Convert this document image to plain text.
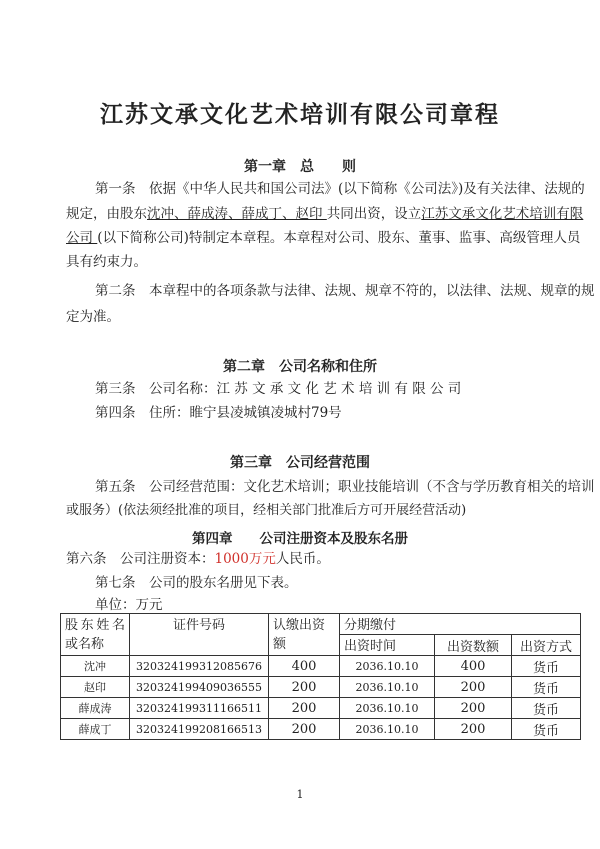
江苏文承文化艺术培训有限公司章程
第一章　总　　则
第一条　依据《中华人民共和国公司法》(以下简称《公司法》)及有关法律、法规的
规定，由股东沈冲、薛成涛、薛成丁、赵印 共同出资，设立江苏文承文化艺术培训有限
公司 (以下简称公司)特制定本章程。本章程对公司、股东、董事、监事、高级管理人员
具有约束力。
第二条　本章程中的各项条款与法律、法规、规章不符的，以法律、法规、规章的规
定为准。
第二章　公司名称和住所
第三条　公司名称：江 苏 文 承 文 化 艺 术 培 训 有 限 公 司
第四条　住所：睢宁县凌城镇凌城村79号
第三章　公司经营范围
第五条　公司经营范围：文化艺术培训；职业技能培训（不含与学历教育相关的培训
或服务）(依法须经批准的项目，经相关部门批准后方可开展经营活动)
第四章　　公司注册资本及股东名册
第六条　公司注册资本：1000万元人民币。
第七条　公司的股东名册见下表。
单位：万元
股东姓名或名称	证件号码	认缴出资额	分期缴付		
			出资时间	出资数额	出资方式
沈冲	320324199312085676	400	2036.10.10	400	货币
赵印	320324199409036555	200	2036.10.10	200	货币
薛成涛	320324199311166511	200	2036.10.10	200	货币
薛成丁	320324199208166513	200	2036.10.10	200	货币
1
